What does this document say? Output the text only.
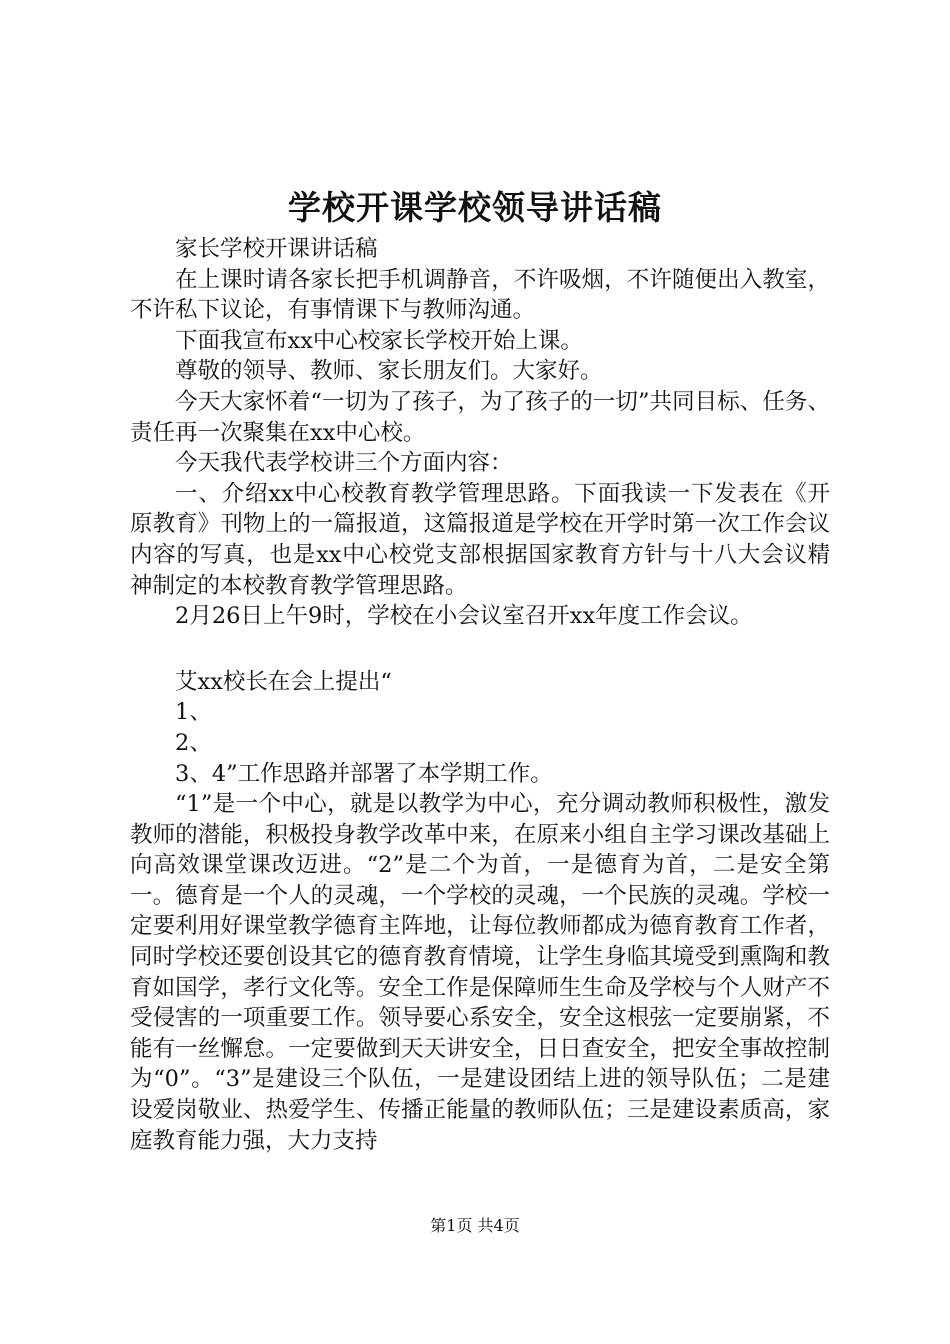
学校开课学校领导讲话稿

家长学校开课讲话稿

在上课时请各家长把手机调静音，不许吸烟，不许随便出入教室，不许私下议论，有事情课下与教师沟通。

下面我宣布xx中心校家长学校开始上课。

尊敬的领导、教师、家长朋友们。大家好。

今天大家怀着“一切为了孩子，为了孩子的一切”共同目标、任务、责任再一次聚集在xx中心校。

今天我代表学校讲三个方面内容：

一、介绍xx中心校教育教学管理思路。下面我读一下发表在《开原教育》刊物上的一篇报道，这篇报道是学校在开学时第一次工作会议内容的写真，也是xx中心校党支部根据国家教育方针与十八大会议精神制定的本校教育教学管理思路。

2月26日上午9时，学校在小会议室召开xx年度工作会议。

艾xx校长在会上提出“

1、

2、

3、4”工作思路并部署了本学期工作。

“1”是一个中心，就是以教学为中心，充分调动教师积极性，激发教师的潜能，积极投身教学改革中来，在原来小组自主学习课改基础上向高效课堂课改迈进。“2”是二个为首，一是德育为首，二是安全第一。德育是一个人的灵魂，一个学校的灵魂，一个民族的灵魂。学校一定要利用好课堂教学德育主阵地，让每位教师都成为德育教育工作者，同时学校还要创设其它的德育教育情境，让学生身临其境受到熏陶和教育如国学，孝行文化等。安全工作是保障师生生命及学校与个人财产不受侵害的一项重要工作。领导要心系安全，安全这根弦一定要崩紧，不能有一丝懈怠。一定要做到天天讲安全，日日查安全，把安全事故控制为“0”。“3”是建设三个队伍，一是建设团结上进的领导队伍；二是建设爱岗敬业、热爱学生、传播正能量的教师队伍；三是建设素质高，家庭教育能力强，大力支持

第1页 共4页
